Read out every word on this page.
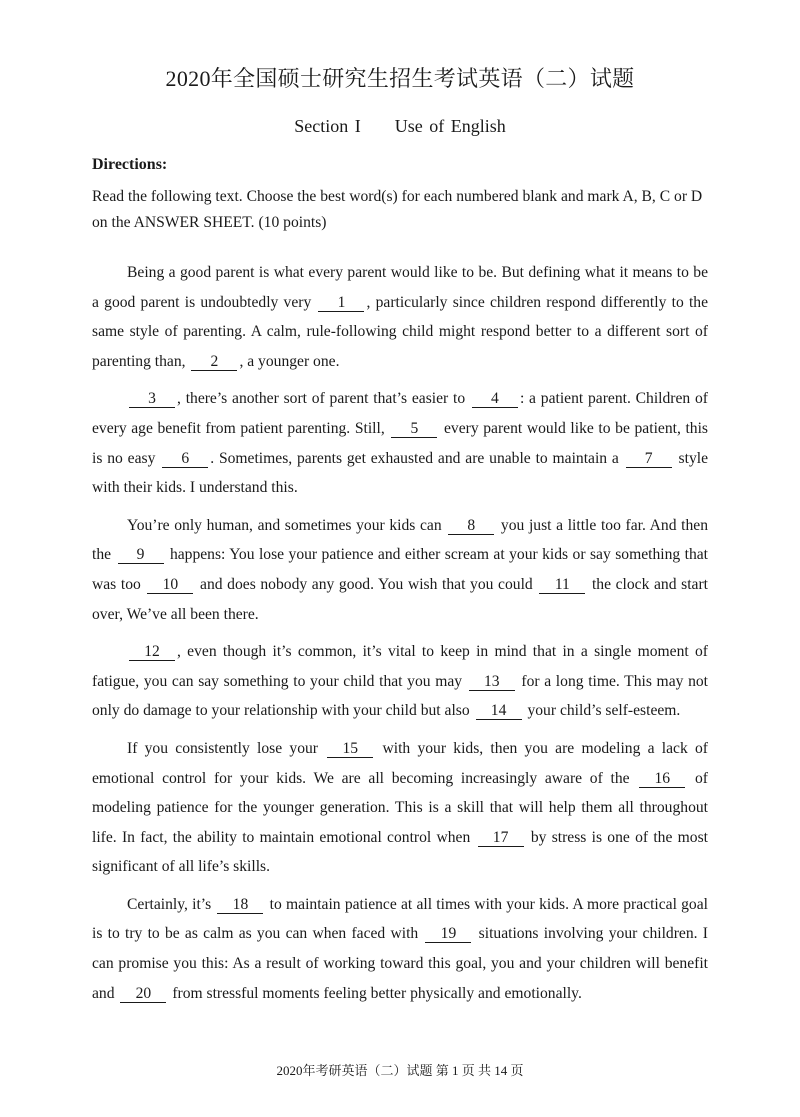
2020年全国硕士研究生招生考试英语（二）试题
Section I Use of English
Directions:

Read the following text. Choose the best word(s) for each numbered blank and mark A, B, C or D on the ANSWER SHEET. (10 points)

Being a good parent is what every parent would like to be. But defining what it means to be a good parent is undoubtedly very 1 , particularly since children respond differently to the same style of parenting. A calm, rule-following child might respond better to a different sort of parenting than, 2 , a younger one.

3 , there’s another sort of parent that’s easier to 4 : a patient parent. Children of every age benefit from patient parenting. Still, 5 every parent would like to be patient, this is no easy 6 . Sometimes, parents get exhausted and are unable to maintain a 7 style with their kids. I understand this.

You’re only human, and sometimes your kids can 8 you just a little too far. And then the 9 happens: You lose your patience and either scream at your kids or say something that was too 10 and does nobody any good. You wish that you could 11 the clock and start over, We’ve all been there.

12 , even though it’s common, it’s vital to keep in mind that in a single moment of fatigue, you can say something to your child that you may 13 for a long time. This may not only do damage to your relationship with your child but also 14 your child’s self-esteem.

If you consistently lose your 15 with your kids, then you are modeling a lack of emotional control for your kids. We are all becoming increasingly aware of the 16 of modeling patience for the younger generation. This is a skill that will help them all throughout life. In fact, the ability to maintain emotional control when 17 by stress is one of the most significant of all life’s skills.

Certainly, it’s 18 to maintain patience at all times with your kids. A more practical goal is to try to be as calm as you can when faced with 19 situations involving your children. I can promise you this: As a result of working toward this goal, you and your children will benefit and 20 from stressful moments feeling better physically and emotionally.

2020年考研英语（二）试题 第 1 页 共 14 页
